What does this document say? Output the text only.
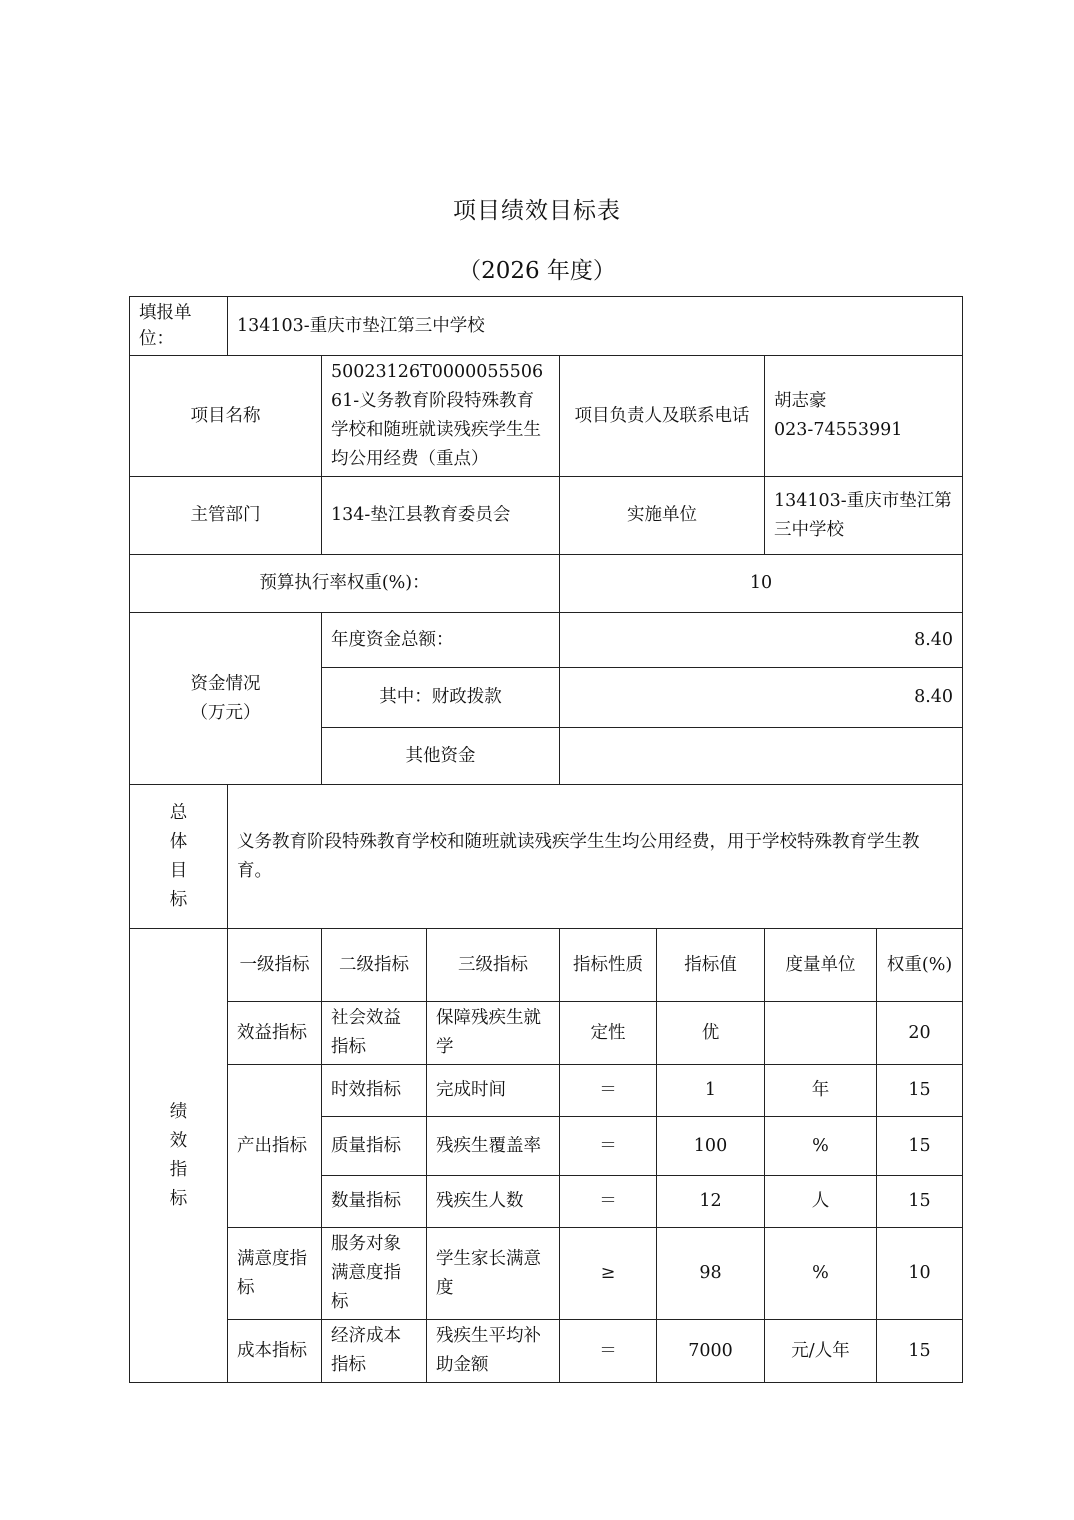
项目绩效目标表
（2026 年度）
填报单位：	134103-重庆市垫江第三中学校						
项目名称		50023126T000005550661-义务教育阶段特殊教育学校和随班就读残疾学生生均公用经费（重点）		项目负责人及联系电话		胡志豪
023-74553991	

主管部门		134-垫江县教育委员会		实施单位		134103-重庆市垫江第三中学校	
预算执行率权重(%)：				10			

资金情况
（万元）		年度资金总额：		8.40			
		其中：财政拨款		8.40			
		其他资金					

总
体
目
标	义务教育阶段特殊教育学校和随班就读残疾学生生均公用经费，用于学校特殊教育学生教育。						

绩
效
指
标	一级指标	二级指标	三级指标	指标性质	指标值	度量单位	权重(%)
	效益指标	社会效益指标	保障残疾生就学	定性	优		20
	产出指标	时效指标	完成时间	＝	1	年	15
		质量指标	残疾生覆盖率	＝	100	%	15
		数量指标	残疾生人数	＝	12	人	15
	满意度指标	服务对象满意度指标	学生家长满意度	≥	98	%	10
	成本指标	经济成本指标	残疾生平均补助金额	＝	7000	元/人年	15
